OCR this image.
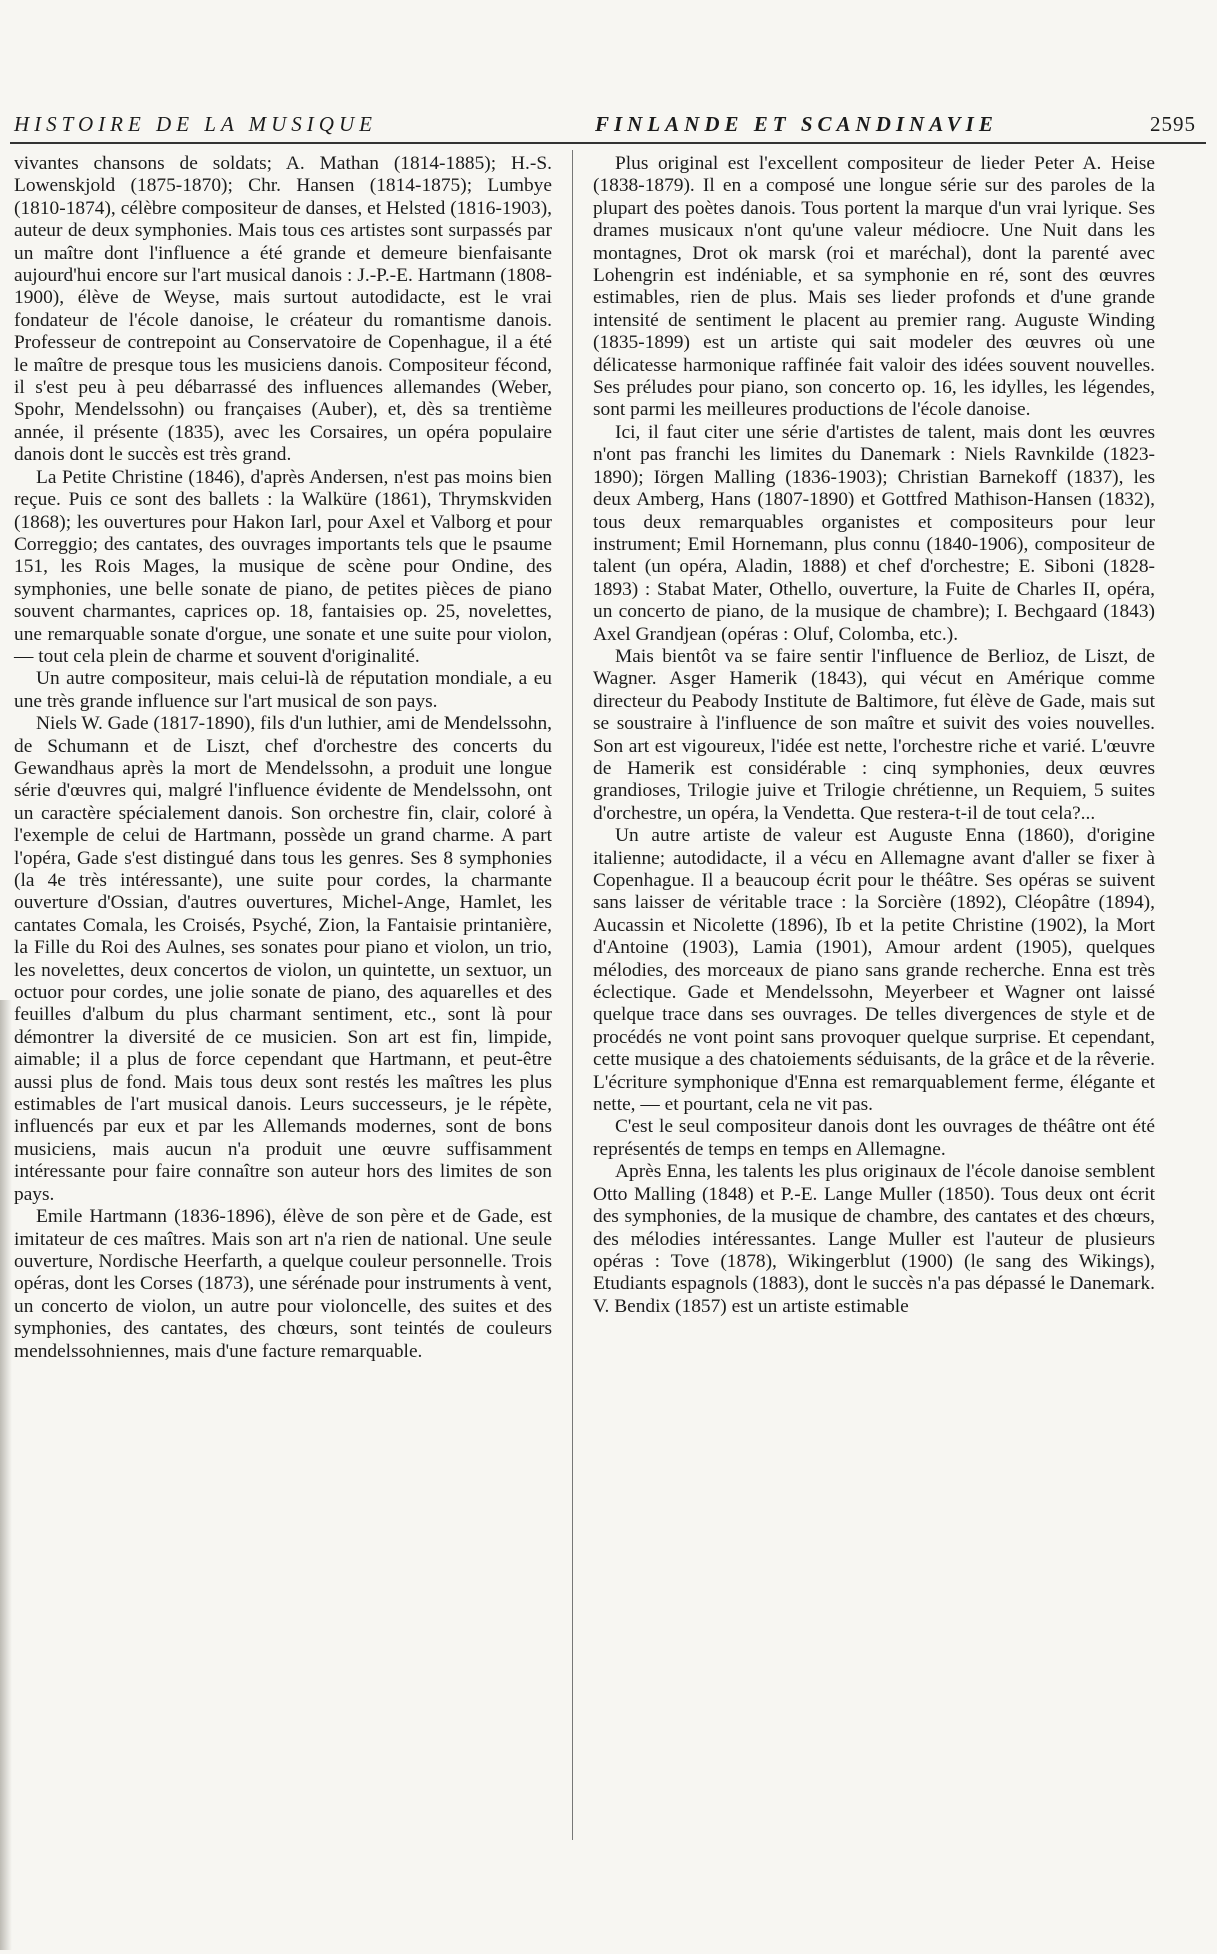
HISTOIRE DE LA MUSIQUE	FINLANDE ET SCANDINAVIE	2595

vivantes chansons de soldats; A. Mathan (1814-1885); H.-S. Lowenskjold (1875-1870); Chr. Hansen (1814-1875); Lumbye (1810-1874), célèbre compositeur de danses, et Helsted (1816-1903), auteur de deux symphonies. Mais tous ces artistes sont surpassés par un maître dont l'influence a été grande et demeure bienfaisante aujourd'hui encore sur l'art musical danois : J.-P.-E. Hartmann (1808-1900), élève de Weyse, mais surtout autodidacte, est le vrai fondateur de l'école danoise, le créateur du romantisme danois. Professeur de contrepoint au Conservatoire de Copenhague, il a été le maître de presque tous les musiciens danois. Compositeur fécond, il s'est peu à peu débarrassé des influences allemandes (Weber, Spohr, Mendelssohn) ou françaises (Auber), et, dès sa trentième année, il présente (1835), avec les Corsaires, un opéra populaire danois dont le succès est très grand.

La Petite Christine (1846), d'après Andersen, n'est pas moins bien reçue. Puis ce sont des ballets : la Walküre (1861), Thrymskviden (1868); les ouvertures pour Hakon Iarl, pour Axel et Valborg et pour Correggio; des cantates, des ouvrages importants tels que le psaume 151, les Rois Mages, la musique de scène pour Ondine, des symphonies, une belle sonate de piano, de petites pièces de piano souvent charmantes, caprices op. 18, fantaisies op. 25, novelettes, une remarquable sonate d'orgue, une sonate et une suite pour violon, — tout cela plein de charme et souvent d'originalité.

Un autre compositeur, mais celui-là de réputation mondiale, a eu une très grande influence sur l'art musical de son pays.

Niels W. Gade (1817-1890), fils d'un luthier, ami de Mendelssohn, de Schumann et de Liszt, chef d'orchestre des concerts du Gewandhaus après la mort de Mendelssohn, a produit une longue série d'œuvres qui, malgré l'influence évidente de Mendelssohn, ont un caractère spécialement danois. Son orchestre fin, clair, coloré à l'exemple de celui de Hartmann, possède un grand charme. A part l'opéra, Gade s'est distingué dans tous les genres. Ses 8 symphonies (la 4e très intéressante), une suite pour cordes, la charmante ouverture d'Ossian, d'autres ouvertures, Michel-Ange, Hamlet, les cantates Comala, les Croisés, Psyché, Zion, la Fantaisie printanière, la Fille du Roi des Aulnes, ses sonates pour piano et violon, un trio, les novelettes, deux concertos de violon, un quintette, un sextuor, un octuor pour cordes, une jolie sonate de piano, des aquarelles et des feuilles d'album du plus charmant sentiment, etc., sont là pour démontrer la diversité de ce musicien. Son art est fin, limpide, aimable; il a plus de force cependant que Hartmann, et peut-être aussi plus de fond. Mais tous deux sont restés les maîtres les plus estimables de l'art musical danois. Leurs successeurs, je le répète, influencés par eux et par les Allemands modernes, sont de bons musiciens, mais aucun n'a produit une œuvre suffisamment intéressante pour faire connaître son auteur hors des limites de son pays.

Emile Hartmann (1836-1896), élève de son père et de Gade, est imitateur de ces maîtres. Mais son art n'a rien de national. Une seule ouverture, Nordische Heerfarth, a quelque couleur personnelle. Trois opéras, dont les Corses (1873), une sérénade pour instruments à vent, un concerto de violon, un autre pour violoncelle, des suites et des symphonies, des cantates, des chœurs, sont teintés de couleurs mendelssohniennes, mais d'une facture remarquable.

Plus original est l'excellent compositeur de lieder Peter A. Heise (1838-1879). Il en a composé une longue série sur des paroles de la plupart des poètes danois. Tous portent la marque d'un vrai lyrique. Ses drames musicaux n'ont qu'une valeur médiocre. Une Nuit dans les montagnes, Drot ok marsk (roi et maréchal), dont la parenté avec Lohengrin est indéniable, et sa symphonie en ré, sont des œuvres estimables, rien de plus. Mais ses lieder profonds et d'une grande intensité de sentiment le placent au premier rang. Auguste Winding (1835-1899) est un artiste qui sait modeler des œuvres où une délicatesse harmonique raffinée fait valoir des idées souvent nouvelles. Ses préludes pour piano, son concerto op. 16, les idylles, les légendes, sont parmi les meilleures productions de l'école danoise.

Ici, il faut citer une série d'artistes de talent, mais dont les œuvres n'ont pas franchi les limites du Danemark : Niels Ravnkilde (1823-1890); Iörgen Malling (1836-1903); Christian Barnekoff (1837), les deux Amberg, Hans (1807-1890) et Gottfred Mathison-Hansen (1832), tous deux remarquables organistes et compositeurs pour leur instrument; Emil Hornemann, plus connu (1840-1906), compositeur de talent (un opéra, Aladin, 1888) et chef d'orchestre; E. Siboni (1828-1893) : Stabat Mater, Othello, ouverture, la Fuite de Charles II, opéra, un concerto de piano, de la musique de chambre); I. Bechgaard (1843) Axel Grandjean (opéras : Oluf, Colomba, etc.).

Mais bientôt va se faire sentir l'influence de Berlioz, de Liszt, de Wagner. Asger Hamerik (1843), qui vécut en Amérique comme directeur du Peabody Institute de Baltimore, fut élève de Gade, mais sut se soustraire à l'influence de son maître et suivit des voies nouvelles. Son art est vigoureux, l'idée est nette, l'orchestre riche et varié. L'œuvre de Hamerik est considérable : cinq symphonies, deux œuvres grandioses, Trilogie juive et Trilogie chrétienne, un Requiem, 5 suites d'orchestre, un opéra, la Vendetta. Que restera-t-il de tout cela?...

Un autre artiste de valeur est Auguste Enna (1860), d'origine italienne; autodidacte, il a vécu en Allemagne avant d'aller se fixer à Copenhague. Il a beaucoup écrit pour le théâtre. Ses opéras se suivent sans laisser de véritable trace : la Sorcière (1892), Cléopâtre (1894), Aucassin et Nicolette (1896), Ib et la petite Christine (1902), la Mort d'Antoine (1903), Lamia (1901), Amour ardent (1905), quelques mélodies, des morceaux de piano sans grande recherche. Enna est très éclectique. Gade et Mendelssohn, Meyerbeer et Wagner ont laissé quelque trace dans ses ouvrages. De telles divergences de style et de procédés ne vont point sans provoquer quelque surprise. Et cependant, cette musique a des chatoiements séduisants, de la grâce et de la rêverie. L'écriture symphonique d'Enna est remarquablement ferme, élégante et nette, — et pourtant, cela ne vit pas.

C'est le seul compositeur danois dont les ouvrages de théâtre ont été représentés de temps en temps en Allemagne.

Après Enna, les talents les plus originaux de l'école danoise semblent Otto Malling (1848) et P.-E. Lange Muller (1850). Tous deux ont écrit des symphonies, de la musique de chambre, des cantates et des chœurs, des mélodies intéressantes. Lange Muller est l'auteur de plusieurs opéras : Tove (1878), Wikingerblut (1900) (le sang des Wikings), Etudiants espagnols (1883), dont le succès n'a pas dépassé le Danemark. V. Bendix (1857) est un artiste estimable
